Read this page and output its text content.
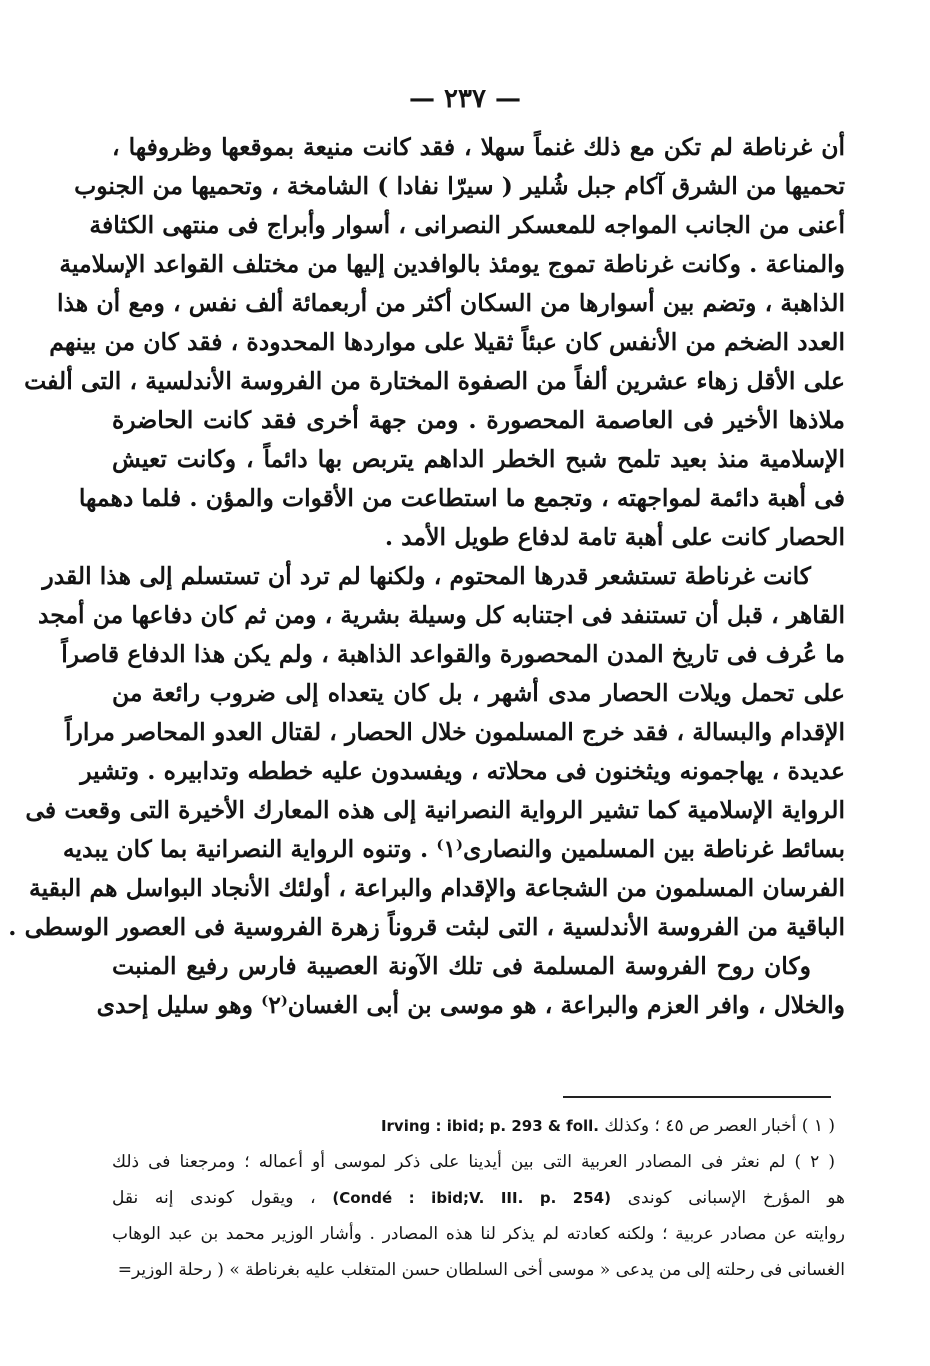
— ٢٣٧ —
أن غرناطة لم تكن مع ذلك غنماً سهلا ، فقد كانت منيعة بموقعها وظروفها ،
تحميها من الشرق آكام جبل شُلير ( سيرّا نفادا ) الشامخة ، وتحميها من الجنوب
أعنى من الجانب المواجه للمعسكر النصرانى ، أسوار وأبراج فى منتهى الكثافة
والمناعة . وكانت غرناطة تموج يومئذ بالوافدين إليها من مختلف القواعد الإسلامية
الذاهبة ، وتضم بين أسوارها من السكان أكثر من أربعمائة ألف نفس ، ومع أن هذا
العدد الضخم من الأنفس كان عبئاً ثقيلا على مواردها المحدودة ، فقد كان من بينهم
على الأقل زهاء عشرين ألفاً من الصفوة المختارة من الفروسة الأندلسية ، التى ألفت
ملاذها الأخير فى العاصمة المحصورة . ومن جهة أخرى فقد كانت الحاضرة
الإسلامية منذ بعيد تلمح شبح الخطر الداهم يتربص بها دائماً ، وكانت تعيش
فى أهبة دائمة لمواجهته ، وتجمع ما استطاعت من الأقوات والمؤن . فلما دهمها
الحصار كانت على أهبة تامة لدفاع طويل الأمد .
كانت غرناطة تستشعر قدرها المحتوم ، ولكنها لم ترد أن تستسلم إلى هذا القدر
القاهر ، قبل أن تستنفد فى اجتنابه كل وسيلة بشرية ، ومن ثم كان دفاعها من أمجد
ما عُرف فى تاريخ المدن المحصورة والقواعد الذاهبة ، ولم يكن هذا الدفاع قاصراً
على تحمل ويلات الحصار مدى أشهر ، بل كان يتعداه إلى ضروب رائعة من
الإقدام والبسالة ، فقد خرج المسلمون خلال الحصار ، لقتال العدو المحاصر مراراً
عديدة ، يهاجمونه ويثخنون فى محلاته ، ويفسدون عليه خططه وتدابيره . وتشير
الرواية الإسلامية كما تشير الرواية النصرانية إلى هذه المعارك الأخيرة التى وقعت فى
بسائط غرناطة بين المسلمين والنصارى⁽١⁾ . وتنوه الرواية النصرانية بما كان يبديه
الفرسان المسلمون من الشجاعة والإقدام والبراعة ، أولئك الأنجاد البواسل هم البقية
الباقية من الفروسة الأندلسية ، التى لبثت قروناً زهرة الفروسية فى العصور الوسطى .
وكان روح الفروسة المسلمة فى تلك الآونة العصيبة فارس رفيع المنبت
والخلال ، وافر العزم والبراعة ، هو موسى بن أبى الغسان⁽٢⁾ وهو سليل إحدى
( ١ ) أخبار العصر ص ٤٥ ؛ وكذلك Irving : ibid; p. 293 & foll.
( ٢ ) لم نعثر فى المصادر العربية التى بين أيدينا على ذكر لموسى أو أعماله ؛ ومرجعنا فى ذلك
هو المؤرخ الإسبانى كوندى (Condé : ibid;V. III. p. 254) ، ويقول كوندى إنه نقل
روايته عن مصادر عربية ؛ ولكنه كعادته لم يذكر لنا هذه المصادر . وأشار الوزير محمد بن عبد الوهاب
الغسانى فى رحلته إلى من يدعى « موسى أخى السلطان حسن المتغلب عليه بغرناطة » ( رحلة الوزير=
